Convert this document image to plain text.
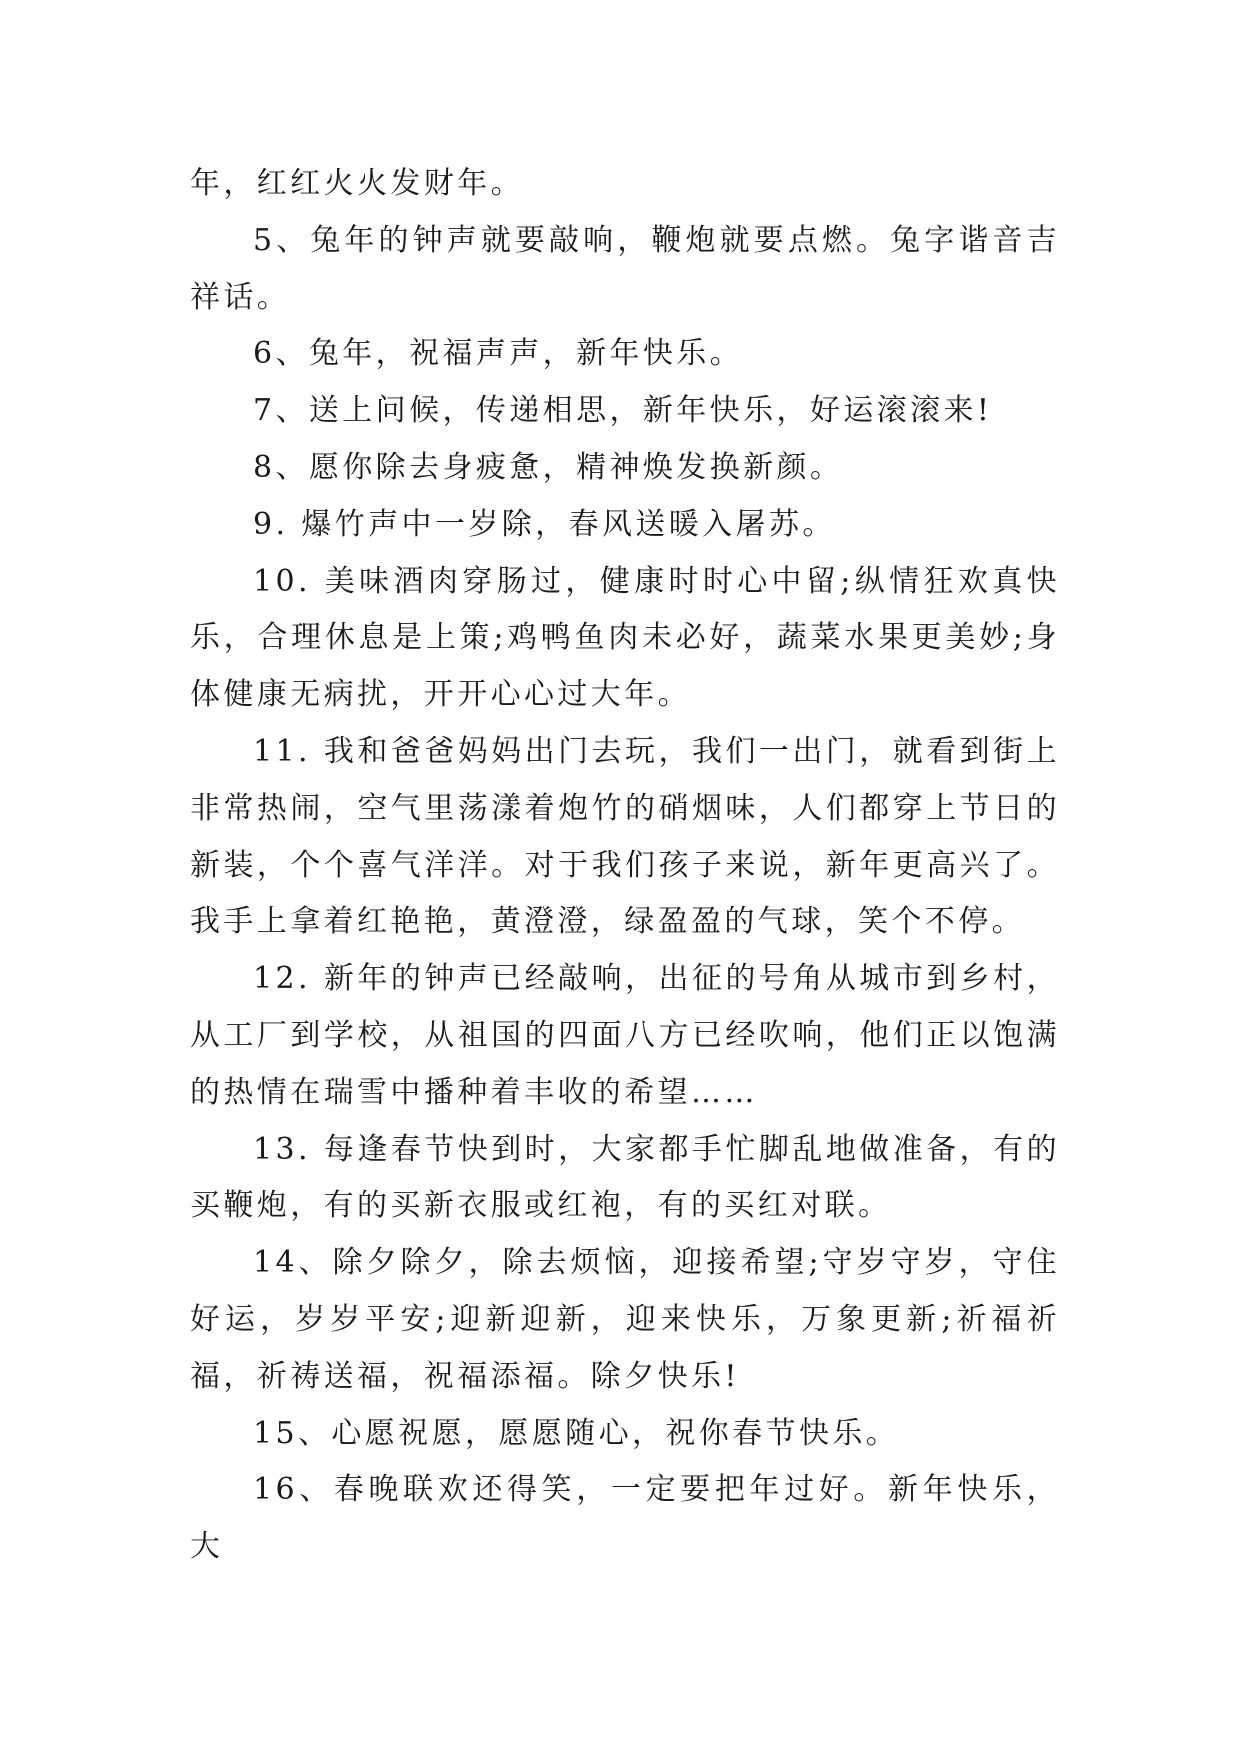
年，红红火火发财年。

5、兔年的钟声就要敲响，鞭炮就要点燃。兔字谐音吉祥话。

6、兔年，祝福声声，新年快乐。

7、送上问候，传递相思，新年快乐，好运滚滚来!

8、愿你除去身疲惫，精神焕发换新颜。

9. 爆竹声中一岁除，春风送暖入屠苏。

10. 美味酒肉穿肠过，健康时时心中留;纵情狂欢真快乐，合理休息是上策;鸡鸭鱼肉未必好，蔬菜水果更美妙;身体健康无病扰，开开心心过大年。

11. 我和爸爸妈妈出门去玩，我们一出门，就看到街上非常热闹，空气里荡漾着炮竹的硝烟味，人们都穿上节日的新装，个个喜气洋洋。对于我们孩子来说，新年更高兴了。我手上拿着红艳艳，黄澄澄，绿盈盈的气球，笑个不停。

12. 新年的钟声已经敲响，出征的号角从城市到乡村，从工厂到学校，从祖国的四面八方已经吹响，他们正以饱满的热情在瑞雪中播种着丰收的希望……

13. 每逢春节快到时，大家都手忙脚乱地做准备，有的买鞭炮，有的买新衣服或红袍，有的买红对联。

14、除夕除夕，除去烦恼，迎接希望;守岁守岁，守住好运，岁岁平安;迎新迎新，迎来快乐，万象更新;祈福祈福，祈祷送福，祝福添福。除夕快乐!

15、心愿祝愿，愿愿随心，祝你春节快乐。

16、春晚联欢还得笑，一定要把年过好。新年快乐，大
